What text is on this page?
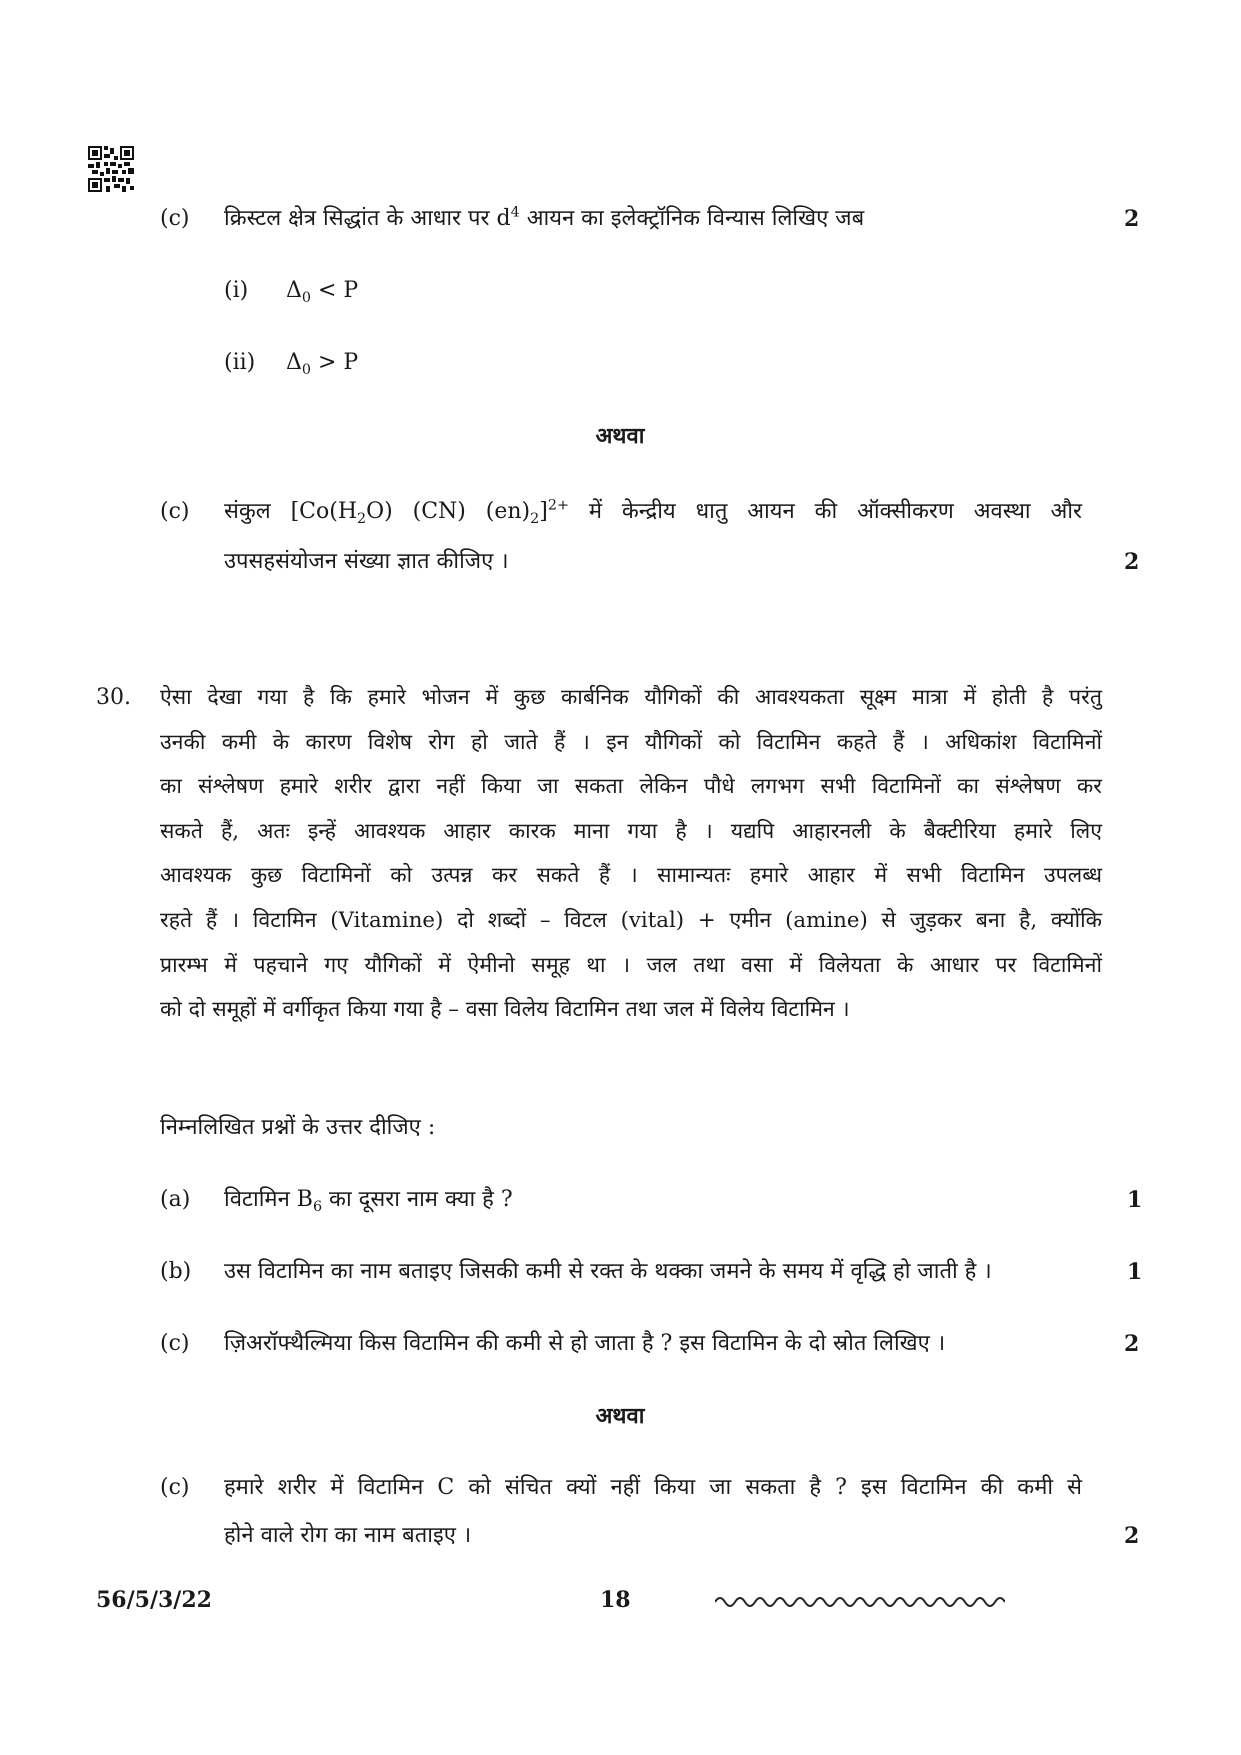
(c) क्रिस्टल क्षेत्र सिद्धांत के आधार पर $d^4$ आयन का इलेक्ट्रॉनिक विन्यास लिखिए जब	2
(i) $\Delta_0 < P$
(ii) $\Delta_0 > P$
अथवा
(c) संकुल [$Co(H_2O)$ (CN) $(en)_2]^{2+}$ में केन्द्रीय धातु आयन की ऑक्सीकरण अवस्था और
उपसहसंयोजन संख्या ज्ञात कीजिए ।	2
30. ऐसा देखा गया है कि हमारे भोजन में कुछ कार्बनिक यौगिकों की आवश्यकता सूक्ष्म मात्रा में होती है परंतु
उनकी कमी के कारण विशेष रोग हो जाते हैं । इन यौगिकों को विटामिन कहते हैं । अधिकांश विटामिनों
का संश्लेषण हमारे शरीर द्वारा नहीं किया जा सकता लेकिन पौधे लगभग सभी विटामिनों का संश्लेषण कर
सकते हैं, अतः इन्हें आवश्यक आहार कारक माना गया है । यद्यपि आहारनली के बैक्टीरिया हमारे लिए
आवश्यक कुछ विटामिनों को उत्पन्न कर सकते हैं । सामान्यतः हमारे आहार में सभी विटामिन उपलब्ध
रहते हैं । विटामिन (Vitamine) दो शब्दों – विटल (vital) + एमीन (amine) से जुड़कर बना है, क्योंकि
प्रारम्भ में पहचाने गए यौगिकों में ऐमीनो समूह था । जल तथा वसा में विलेयता के आधार पर विटामिनों
को दो समूहों में वर्गीकृत किया गया है – वसा विलेय विटामिन तथा जल में विलेय विटामिन ।
निम्नलिखित प्रश्नों के उत्तर दीजिए :
(a) विटामिन $B_6$ का दूसरा नाम क्या है ?	1
(b) उस विटामिन का नाम बताइए जिसकी कमी से रक्त के थक्का जमने के समय में वृद्धि हो जाती है ।	1
(c) ज़िअरॉफ्थैल्मिया किस विटामिन की कमी से हो जाता है ? इस विटामिन के दो स्रोत लिखिए ।	2
अथवा
(c) हमारे शरीर में विटामिन C को संचित क्यों नहीं किया जा सकता है ? इस विटामिन की कमी से
होने वाले रोग का नाम बताइए ।	2
56/5/3/22	18
